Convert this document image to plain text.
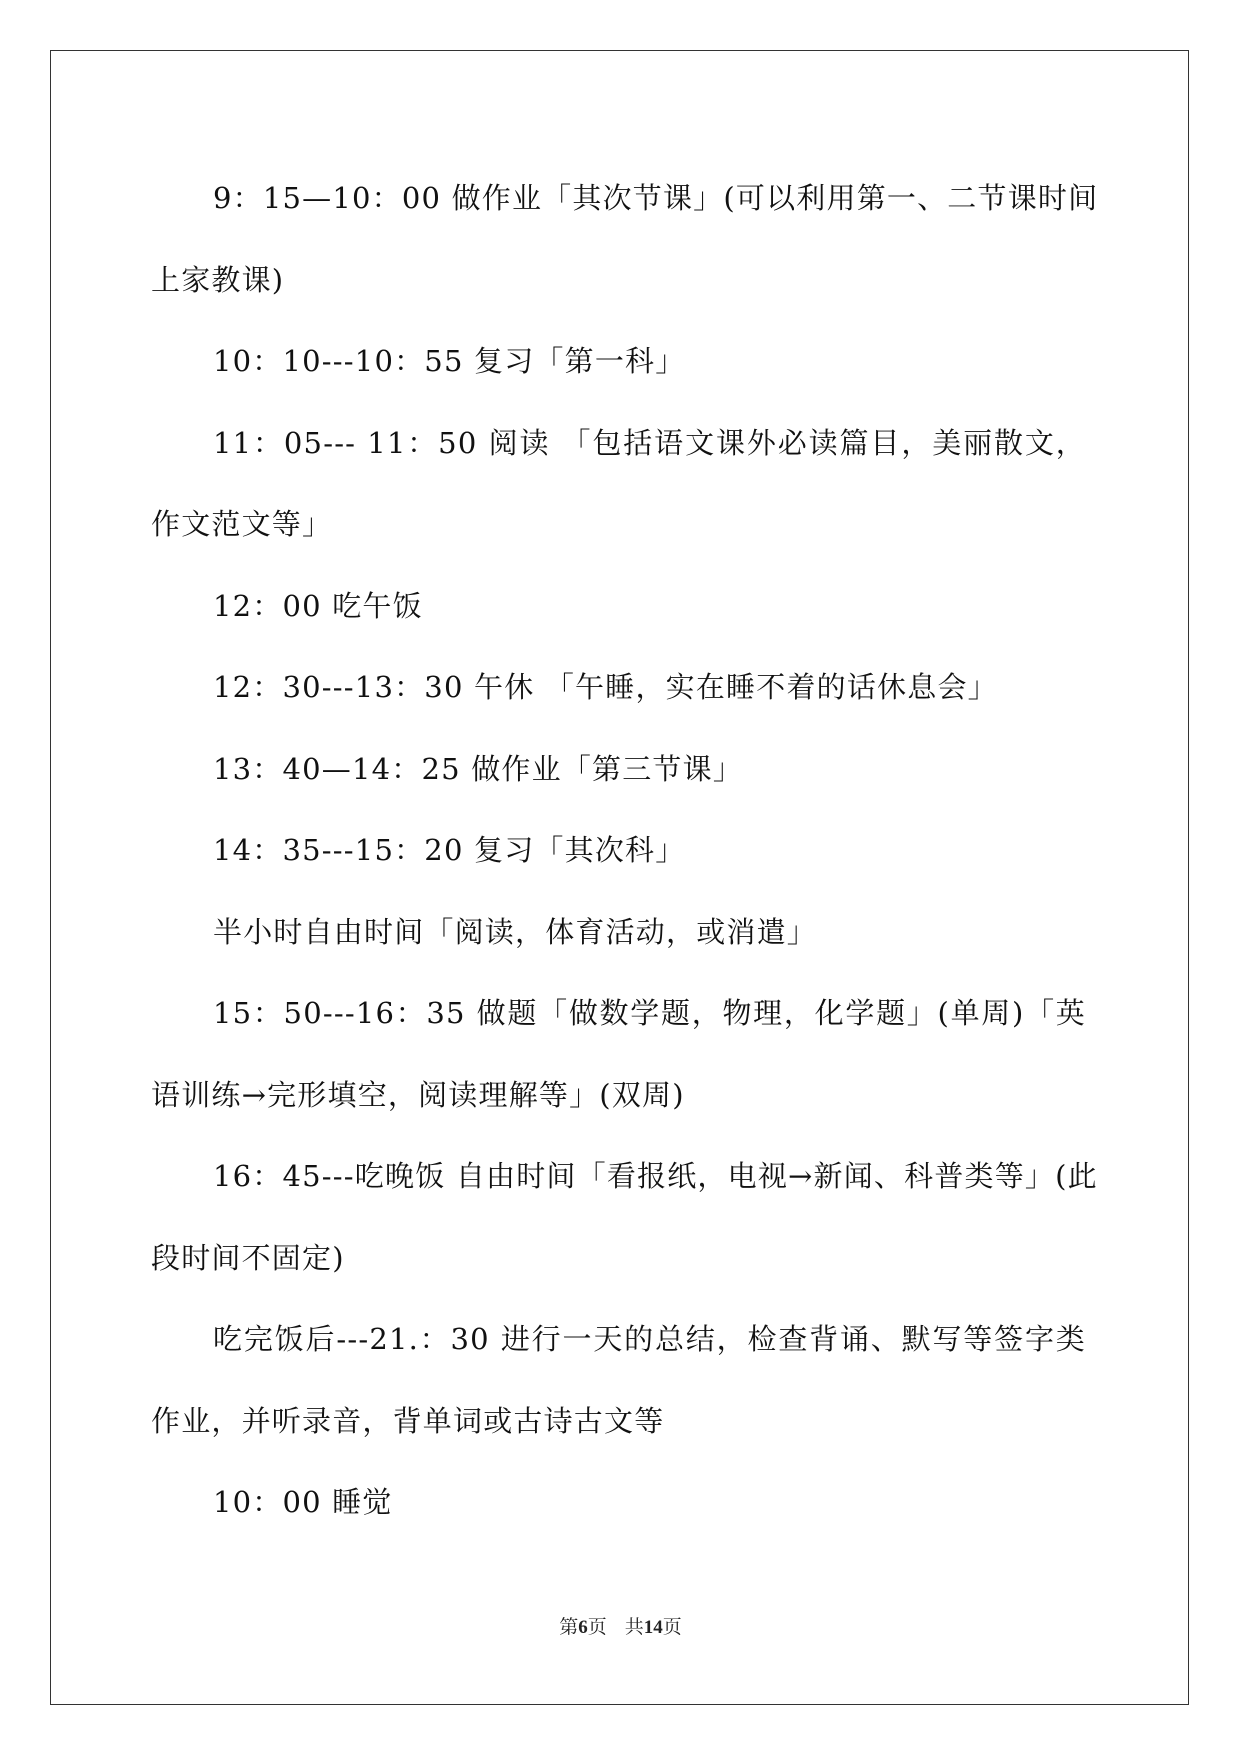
9：15—10：00 做作业「其次节课」(可以利用第一、二节课时间
上家教课)
10：10---10：55 复习「第一科」
11：05--- 11：50 阅读 「包括语文课外必读篇目，美丽散文，
作文范文等」
12：00 吃午饭
12：30---13：30 午休 「午睡，实在睡不着的话休息会」
13：40—14：25 做作业「第三节课」
14：35---15：20 复习「其次科」
半小时自由时间「阅读，体育活动，或消遣」
15：50---16：35 做题「做数学题，物理，化学题」(单周)「英
语训练→完形填空，阅读理解等」(双周)
16：45---吃晚饭 自由时间「看报纸，电视→新闻、科普类等」(此
段时间不固定)
吃完饭后---21.：30 进行一天的总结，检查背诵、默写等签字类
作业，并听录音，背单词或古诗古文等
10：00 睡觉
第6页 共14页
